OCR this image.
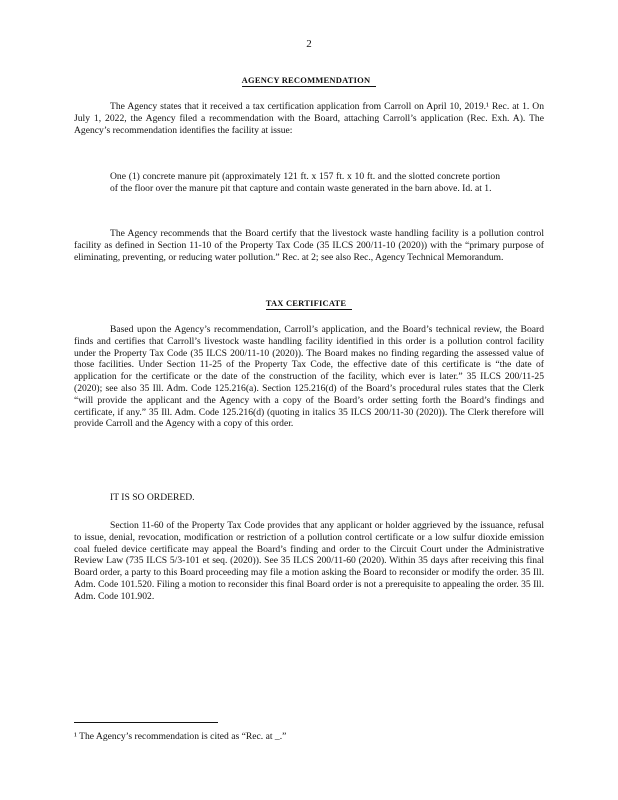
2
AGENCY RECOMMENDATION

The Agency states that it received a tax certification application from Carroll on April 10, 2019.¹ Rec. at 1. On July 1, 2022, the Agency filed a recommendation with the Board, attaching Carroll’s application (Rec. Exh. A). The Agency’s recommendation identifies the facility at issue:

One (1) concrete manure pit (approximately 121 ft. x 157 ft. x 10 ft. and the slotted concrete portion of the floor over the manure pit that capture and contain waste generated in the barn above. Id. at 1.

The Agency recommends that the Board certify that the livestock waste handling facility is a pollution control facility as defined in Section 11-10 of the Property Tax Code (35 ILCS 200/11-10 (2020)) with the “primary purpose of eliminating, preventing, or reducing water pollution.” Rec. at 2; see also Rec., Agency Technical Memorandum.

TAX CERTIFICATE

Based upon the Agency’s recommendation, Carroll’s application, and the Board’s technical review, the Board finds and certifies that Carroll’s livestock waste handling facility identified in this order is a pollution control facility under the Property Tax Code (35 ILCS 200/11-10 (2020)). The Board makes no finding regarding the assessed value of those facilities. Under Section 11-25 of the Property Tax Code, the effective date of this certificate is “the date of application for the certificate or the date of the construction of the facility, which ever is later.” 35 ILCS 200/11-25 (2020); see also 35 Ill. Adm. Code 125.216(a). Section 125.216(d) of the Board’s procedural rules states that the Clerk “will provide the applicant and the Agency with a copy of the Board’s order setting forth the Board’s findings and certificate, if any.” 35 Ill. Adm. Code 125.216(d) (quoting in italics 35 ILCS 200/11-30 (2020)). The Clerk therefore will provide Carroll and the Agency with a copy of this order.

IT IS SO ORDERED.

Section 11-60 of the Property Tax Code provides that any applicant or holder aggrieved by the issuance, refusal to issue, denial, revocation, modification or restriction of a pollution control certificate or a low sulfur dioxide emission coal fueled device certificate may appeal the Board’s finding and order to the Circuit Court under the Administrative Review Law (735 ILCS 5/3-101 et seq. (2020)). See 35 ILCS 200/11-60 (2020). Within 35 days after receiving this final Board order, a party to this Board proceeding may file a motion asking the Board to reconsider or modify the order. 35 Ill. Adm. Code 101.520. Filing a motion to reconsider this final Board order is not a prerequisite to appealing the order. 35 Ill. Adm. Code 101.902.

¹ The Agency’s recommendation is cited as “Rec. at _.”
